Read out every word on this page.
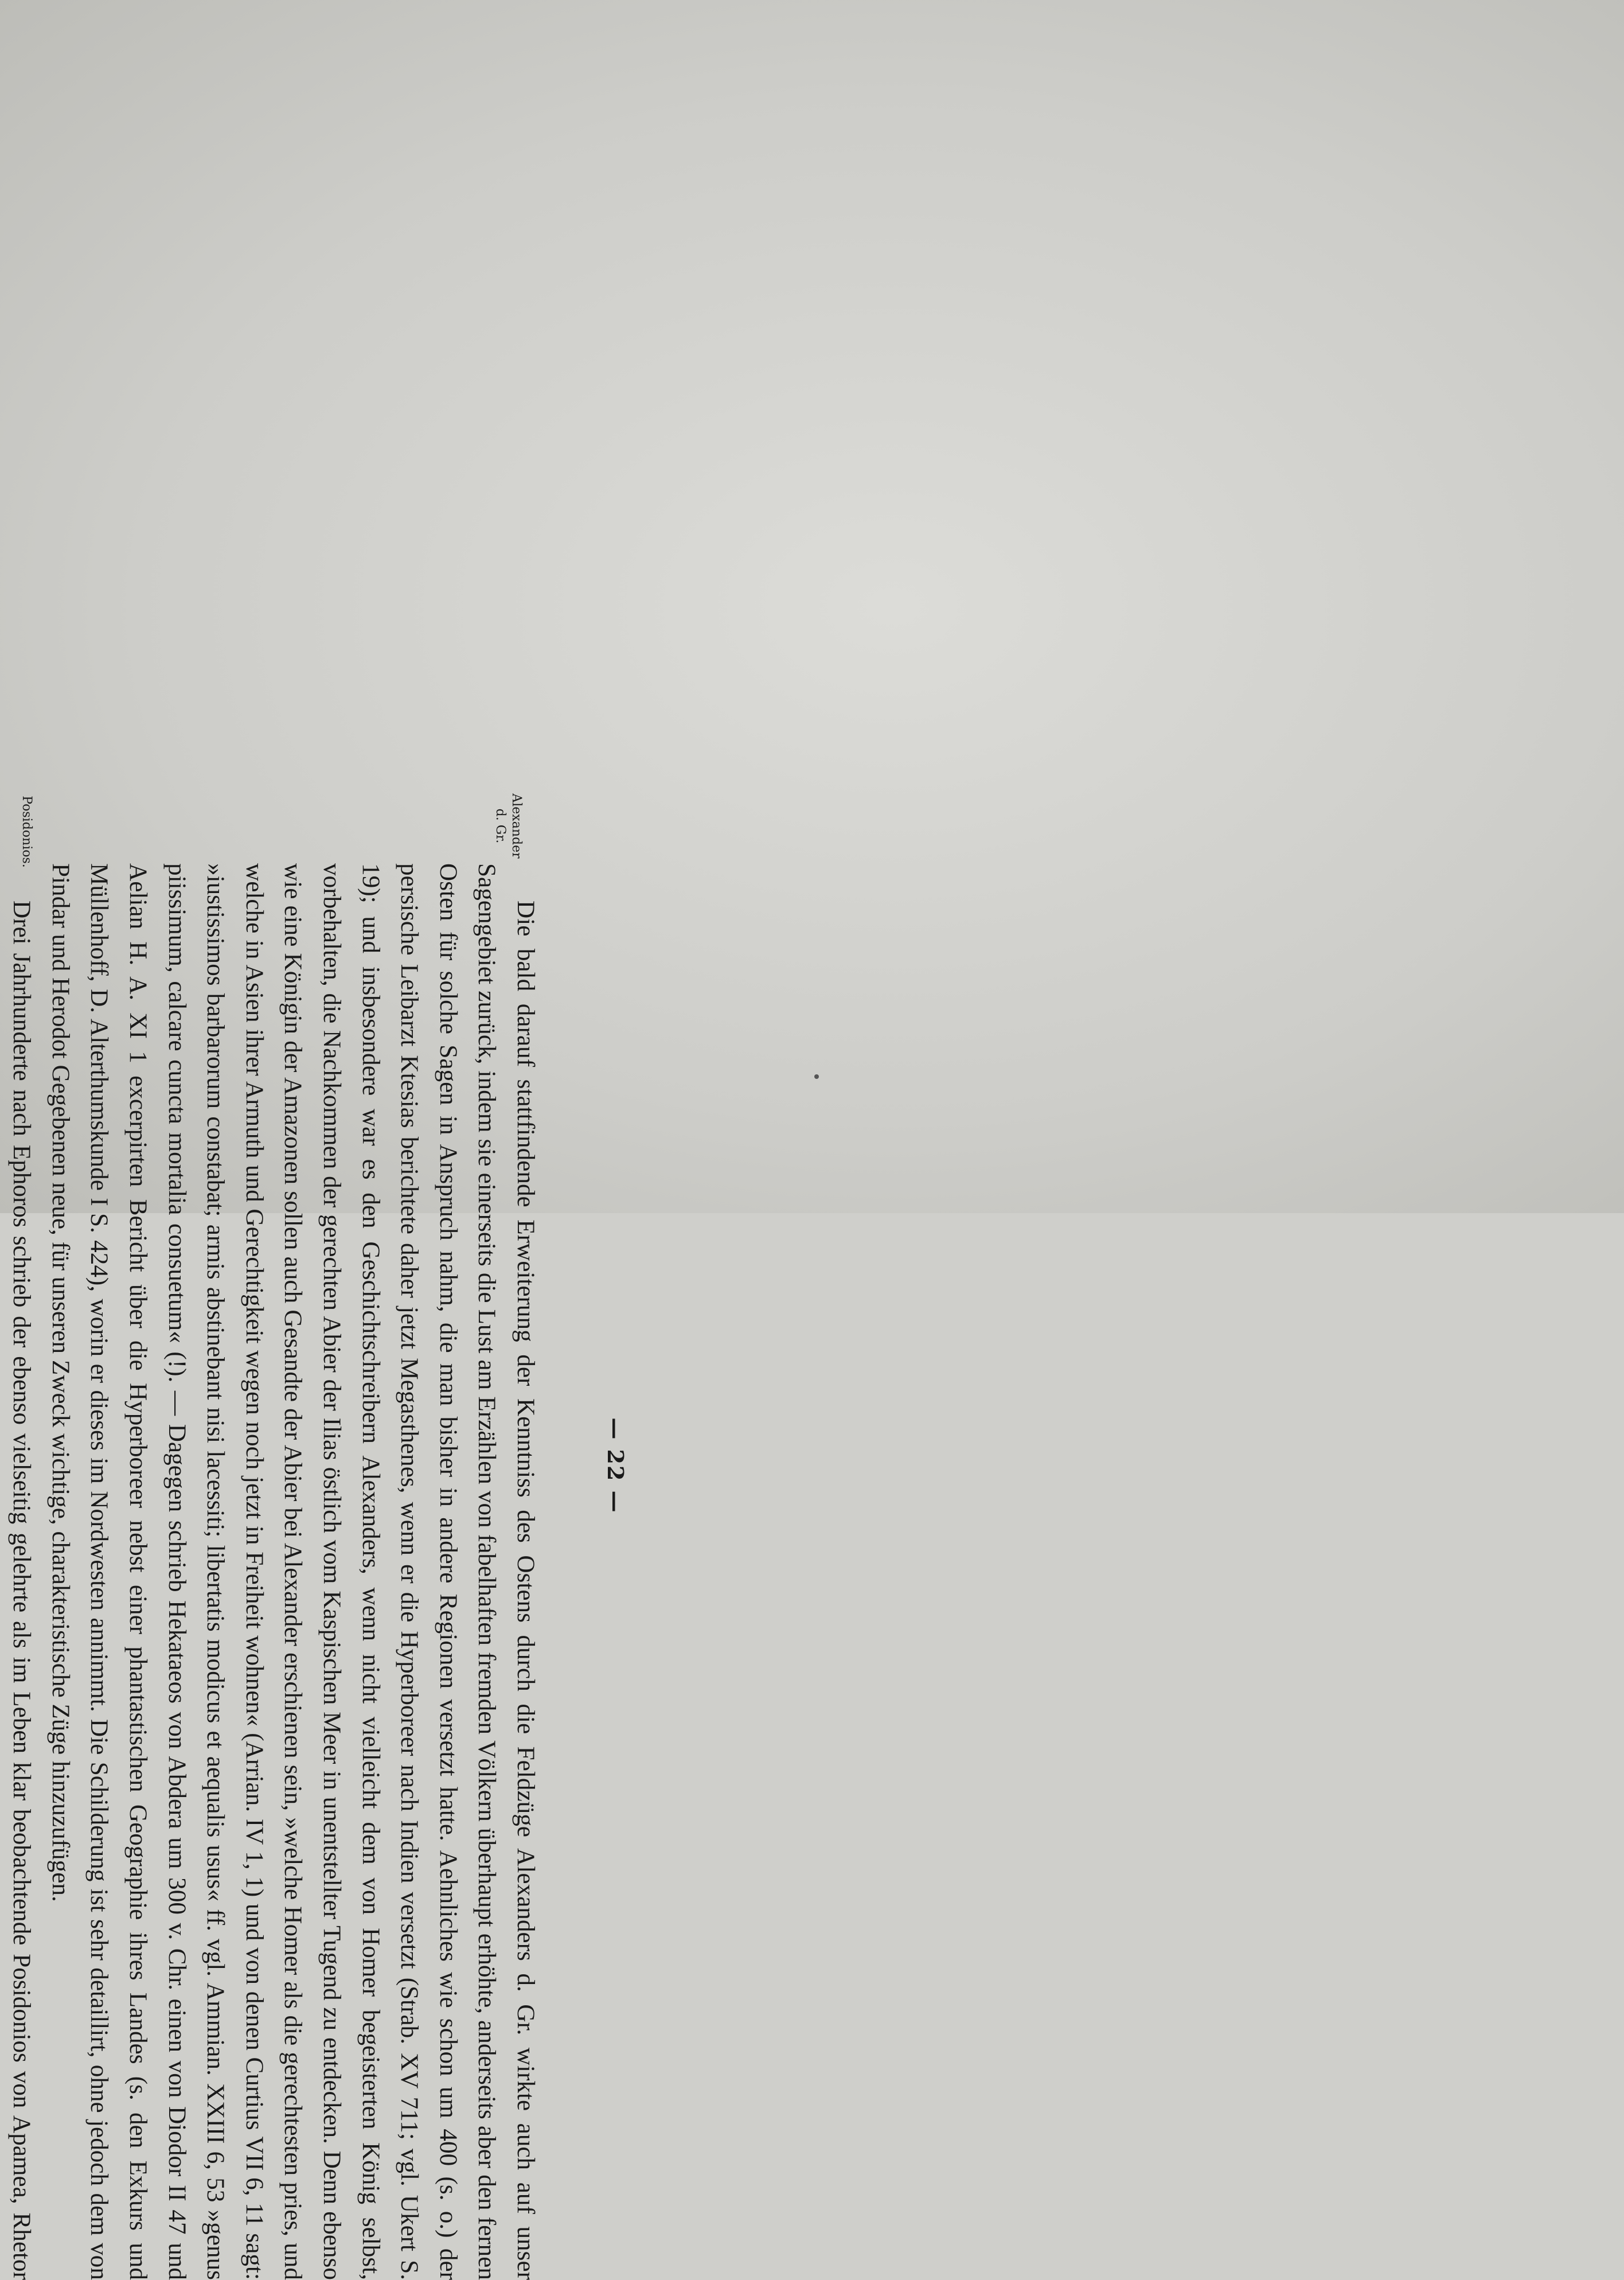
— 22 —
Alexander d. Gr.
Posidonios.

Die bald darauf stattfindende Erweiterung der Kenntniss des Ostens durch die Feldzüge Alexanders d. Gr. wirkte auch auf unser Sagengebiet zurück, indem sie einerseits die Lust am Erzählen von fabelhaften fremden Völkern überhaupt erhöhte, anderseits aber den fernen Osten für solche Sagen in Anspruch nahm, die man bisher in andere Regionen versetzt hatte. Aehnliches wie schon um 400 (s. o.) der persische Leibarzt Ktesias berichtete daher jetzt Megasthenes, wenn er die Hyperboreer nach Indien versetzt (Strab. XV 711; vgl. Ukert S. 19); und insbesondere war es den Geschichtschreibern Alexanders, wenn nicht vielleicht dem von Homer begeisterten König selbst, vorbehalten, die Nachkommen der gerechten Abier der Ilias östlich vom Kaspischen Meer in unentstellter Tugend zu entdecken. Denn ebenso wie eine Königin der Amazonen sollen auch Gesandte der Abier bei Alexander erschienen sein, »welche Homer als die gerechtesten pries, und welche in Asien ihrer Armuth und Gerechtigkeit wegen noch jetzt in Freiheit wohnen« (Arrian. IV 1, 1) und von denen Curtius VII 6, 11 sagt: »iustissimos barbarorum constabat; armis abstinebant nisi lacessiti; libertatis modicus et aequalis usus« ff. vgl. Ammian. XXIII 6, 53 »genus piissimum, calcare cuncta mortalia consuetum« (!). — Dagegen schrieb Hekataeos von Abdera um 300 v. Chr. einen von Diodor II 47 und Aelian H. A. XI 1 excerpirten Bericht über die Hyperboreer nebst einer phantastischen Geographie ihres Landes (s. den Exkurs und Müllenhoff, D. Alterthumskunde I S. 424), worin er dieses im Nordwesten annimmt. Die Schilderung ist sehr detaillirt, ohne jedoch dem von Pindar und Herodot Gegebenen neue, für unseren Zweck wichtige, charakteristische Züge hinzuzufügen.

Drei Jahrhunderte nach Ephoros schrieb der ebenso vielseitig gelehrte als im Leben klar beobachtende Posidonios von Apamea, Rhetor
